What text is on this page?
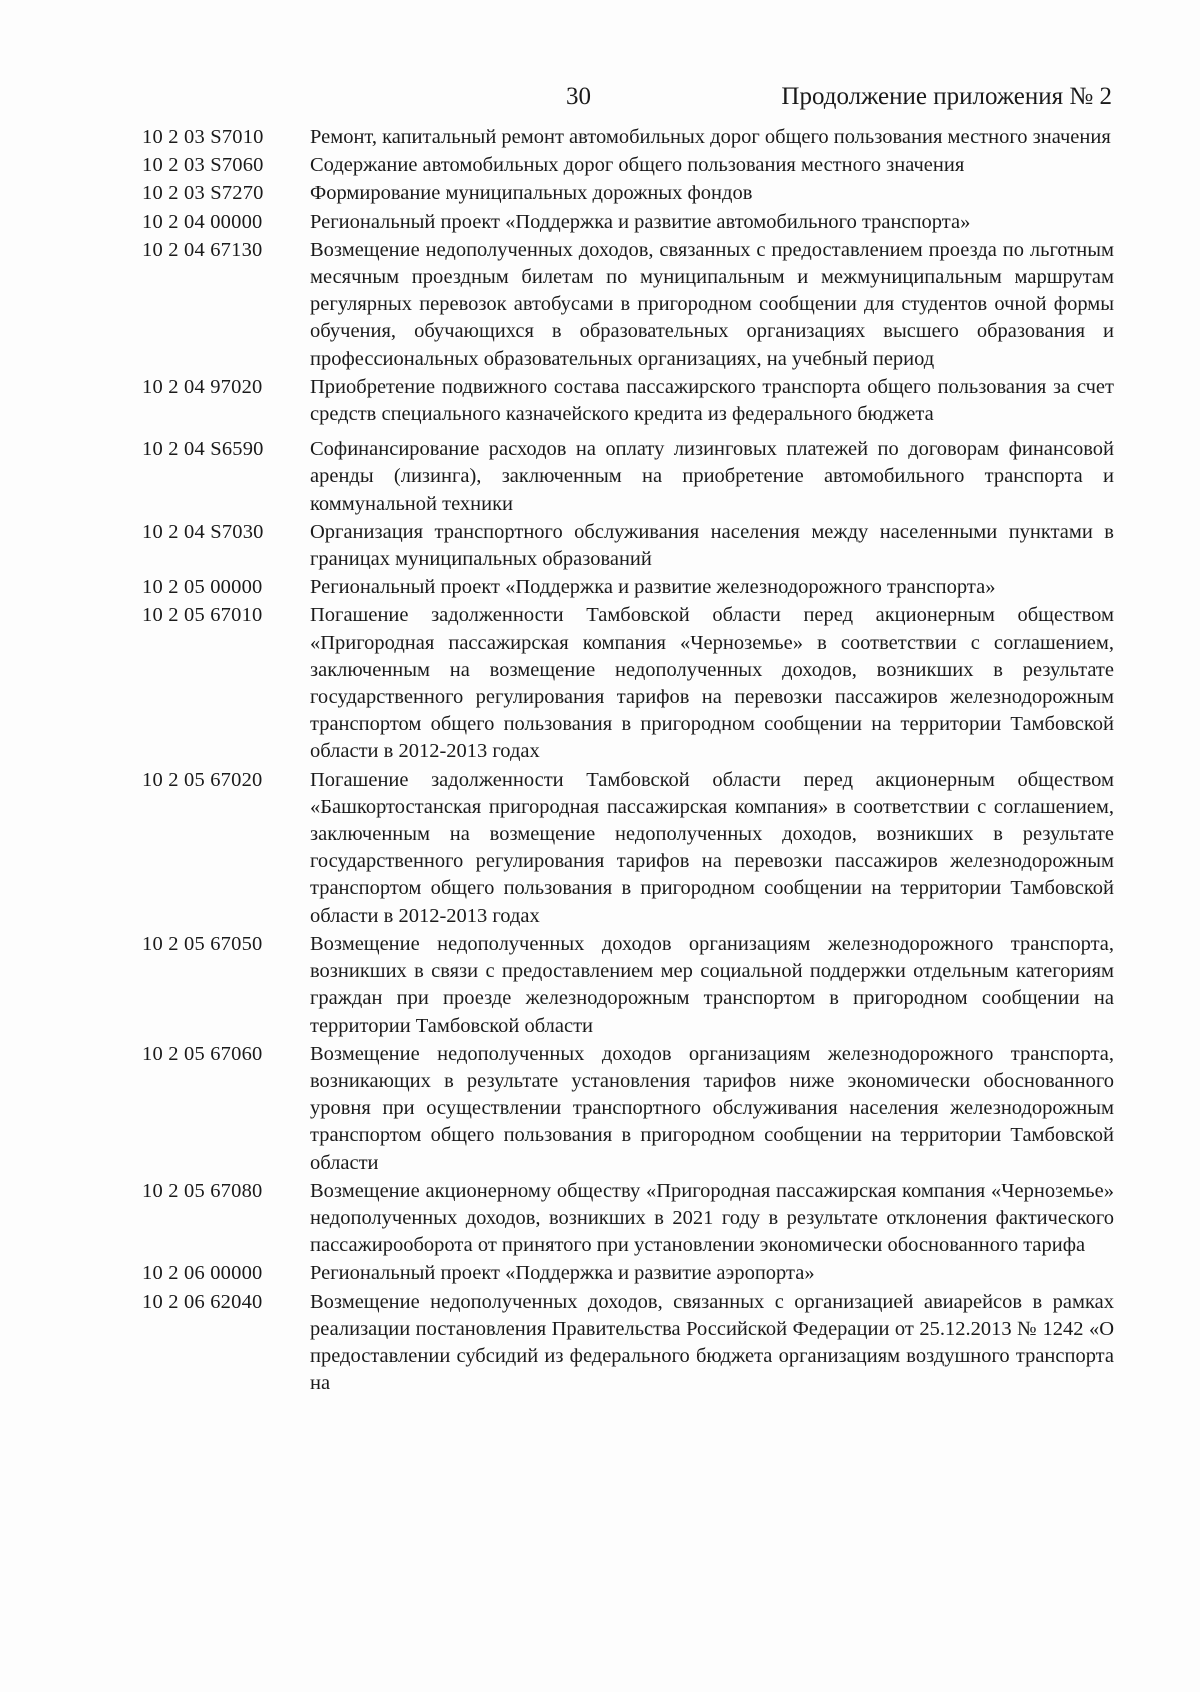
30	Продолжение приложения № 2
10 2 03 S7010	Ремонт, капитальный ремонт автомобильных дорог общего пользования местного значения
10 2 03 S7060	Содержание автомобильных дорог общего пользования местного значения
10 2 03 S7270	Формирование муниципальных дорожных фондов
10 2 04 00000	Региональный проект «Поддержка и развитие автомобильного транспорта»
10 2 04 67130	Возмещение недополученных доходов, связанных с предоставлением проезда по льготным месячным проездным билетам по муниципальным и межмуниципальным маршрутам регулярных перевозок автобусами в пригородном сообщении для студентов очной формы обучения, обучающихся в образовательных организациях высшего образования и профессиональных образовательных организациях, на учебный период
10 2 04 97020	Приобретение подвижного состава пассажирского транспорта общего пользования за счет средств специального казначейского кредита из федерального бюджета
10 2 04 S6590	Софинансирование расходов на оплату лизинговых платежей по договорам финансовой аренды (лизинга), заключенным на приобретение автомобильного транспорта и коммунальной техники
10 2 04 S7030	Организация транспортного обслуживания населения между населенными пунктами в границах муниципальных образований
10 2 05 00000	Региональный проект «Поддержка и развитие железнодорожного транспорта»
10 2 05 67010	Погашение задолженности Тамбовской области перед акционерным обществом «Пригородная пассажирская компания «Черноземье» в соответствии с соглашением, заключенным на возмещение недополученных доходов, возникших в результате государственного регулирования тарифов на перевозки пассажиров железнодорожным транспортом общего пользования в пригородном сообщении на территории Тамбовской области в 2012-2013 годах
10 2 05 67020	Погашение задолженности Тамбовской области перед акционерным обществом «Башкортостанская пригородная пассажирская компания» в соответствии с соглашением, заключенным на возмещение недополученных доходов, возникших в результате государственного регулирования тарифов на перевозки пассажиров железнодорожным транспортом общего пользования в пригородном сообщении на территории Тамбовской области в 2012-2013 годах
10 2 05 67050	Возмещение недополученных доходов организациям железнодорожного транспорта, возникших в связи с предоставлением мер социальной поддержки отдельным категориям граждан при проезде железнодорожным транспортом в пригородном сообщении на территории Тамбовской области
10 2 05 67060	Возмещение недополученных доходов организациям железнодорожного транспорта, возникающих в результате установления тарифов ниже экономически обоснованного уровня при осуществлении транспортного обслуживания населения железнодорожным транспортом общего пользования в пригородном сообщении на территории Тамбовской области
10 2 05 67080	Возмещение акционерному обществу «Пригородная пассажирская компания «Черноземье» недополученных доходов, возникших в 2021 году в результате отклонения фактического пассажирооборота от принятого при установлении экономически обоснованного тарифа
10 2 06 00000	Региональный проект «Поддержка и развитие аэропорта»
10 2 06 62040	Возмещение недополученных доходов, связанных с организацией авиарейсов в рамках реализации постановления Правительства Российской Федерации от 25.12.2013 № 1242 «О предоставлении субсидий из федерального бюджета организациям воздушного транспорта на
